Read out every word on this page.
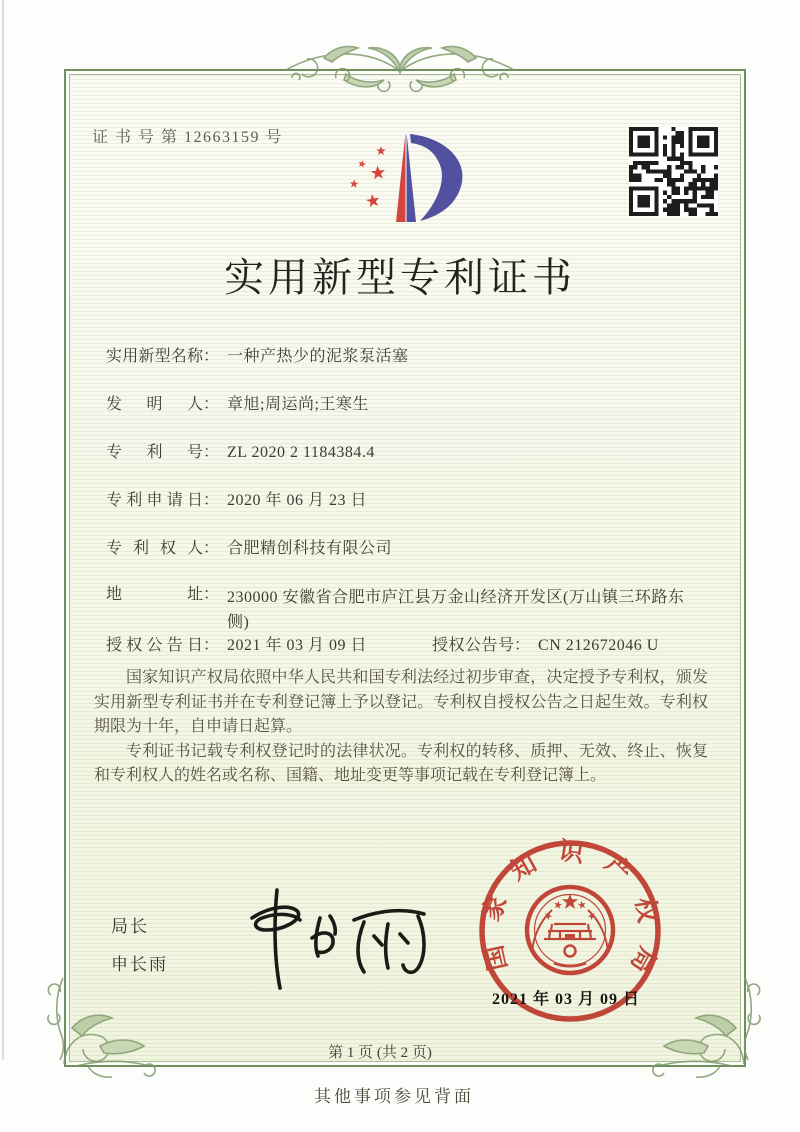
证 书 号 第 12663159 号
实用新型专利证书
实用新型名称： 一种产热少的泥浆泵活塞
发明人： 章旭;周运尚;王寒生
专利号： ZL 2020 2 1184384.4
专利申请日： 2020 年 06 月 23 日
专利权人： 合肥精创科技有限公司
地址： 230000 安徽省合肥市庐江县万金山经济开发区(万山镇三环路东侧)
授权公告日： 2021 年 03 月 09 日	授权公告号： CN 212672046 U

国家知识产权局依照中华人民共和国专利法经过初步审查，决定授予专利权，颁发实用新型专利证书并在专利登记簿上予以登记。专利权自授权公告之日起生效。专利权期限为十年，自申请日起算。

专利证书记载专利权登记时的法律状况。专利权的转移、质押、无效、终止、恢复和专利权人的姓名或名称、国籍、地址变更等事项记载在专利登记簿上。

局长
申长雨	国家知识产权局
2021 年 03 月 09 日
第 1 页 (共 2 页)
其他事项参见背面
